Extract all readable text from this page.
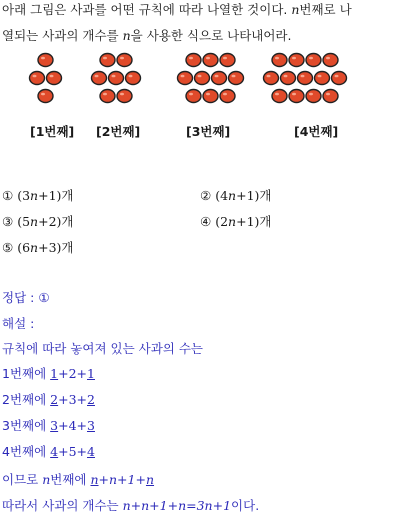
아래 그림은 사과를 어떤 규칙에 따라 나열한 것이다. n번째로 나
열되는 사과의 개수를 n을 사용한 식으로 나타내어라.
[1번째] [2번째]	[3번째]	[4번째]
① (3n+1)개	② (4n+1)개
③ (5n+2)개	④ (2n+1)개
⑤ (6n+3)개
정답 : ①
해설 :
규칙에 따라 놓여져 있는 사과의 수는
1번째에 1+2+1
2번째에 2+3+2
3번째에 3+4+3
4번째에 4+5+4
이므로 n번째에 n+n+1+n
따라서 사과의 개수는 n+n+1+n=3n+1이다.
